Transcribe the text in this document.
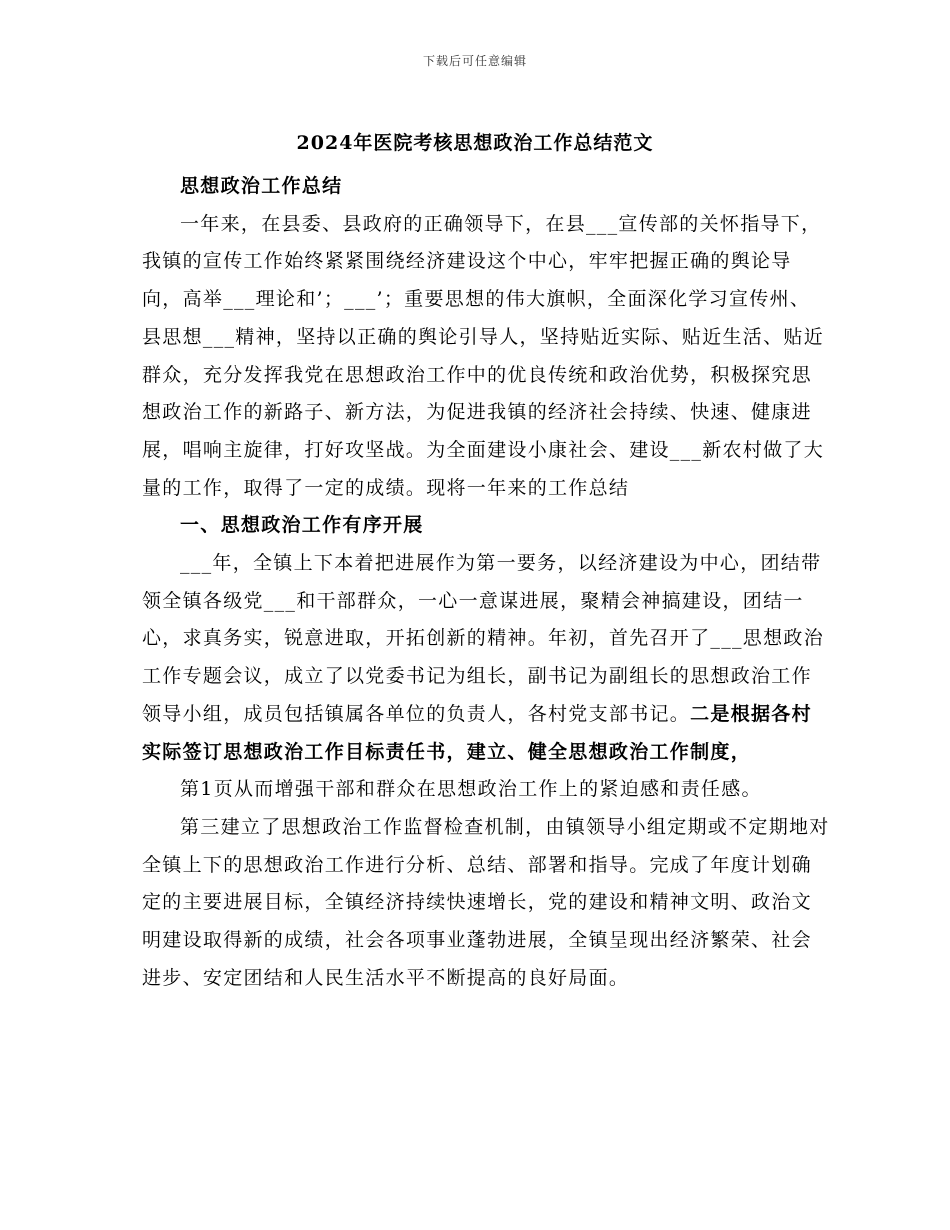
下载后可任意编辑
2024年医院考核思想政治工作总结范文

思想政治工作总结

一年来，在县委、县政府的正确领导下，在县___宣传部的关怀指导下，我镇的宣传工作始终紧紧围绕经济建设这个中心，牢牢把握正确的舆论导向，高举___理论和’；___’；重要思想的伟大旗帜，全面深化学习宣传州、县思想___精神，坚持以正确的舆论引导人，坚持贴近实际、贴近生活、贴近群众，充分发挥我党在思想政治工作中的优良传统和政治优势，积极探究思想政治工作的新路子、新方法，为促进我镇的经济社会持续、快速、健康进展，唱响主旋律，打好攻坚战。为全面建设小康社会、建设___新农村做了大量的工作，取得了一定的成绩。现将一年来的工作总结

一、思想政治工作有序开展

___年，全镇上下本着把进展作为第一要务，以经济建设为中心，团结带领全镇各级党___和干部群众，一心一意谋进展，聚精会神搞建设，团结一心，求真务实，锐意进取，开拓创新的精神。年初，首先召开了___思想政治工作专题会议，成立了以党委书记为组长，副书记为副组长的思想政治工作领导小组，成员包括镇属各单位的负责人，各村党支部书记。二是根据各村实际签订思想政治工作目标责任书，建立、健全思想政治工作制度，

第1页从而增强干部和群众在思想政治工作上的紧迫感和责任感。

第三建立了思想政治工作监督检查机制，由镇领导小组定期或不定期地对全镇上下的思想政治工作进行分析、总结、部署和指导。完成了年度计划确定的主要进展目标，全镇经济持续快速增长，党的建设和精神文明、政治文明建设取得新的成绩，社会各项事业蓬勃进展，全镇呈现出经济繁荣、社会进步、安定团结和人民生活水平不断提高的良好局面。
